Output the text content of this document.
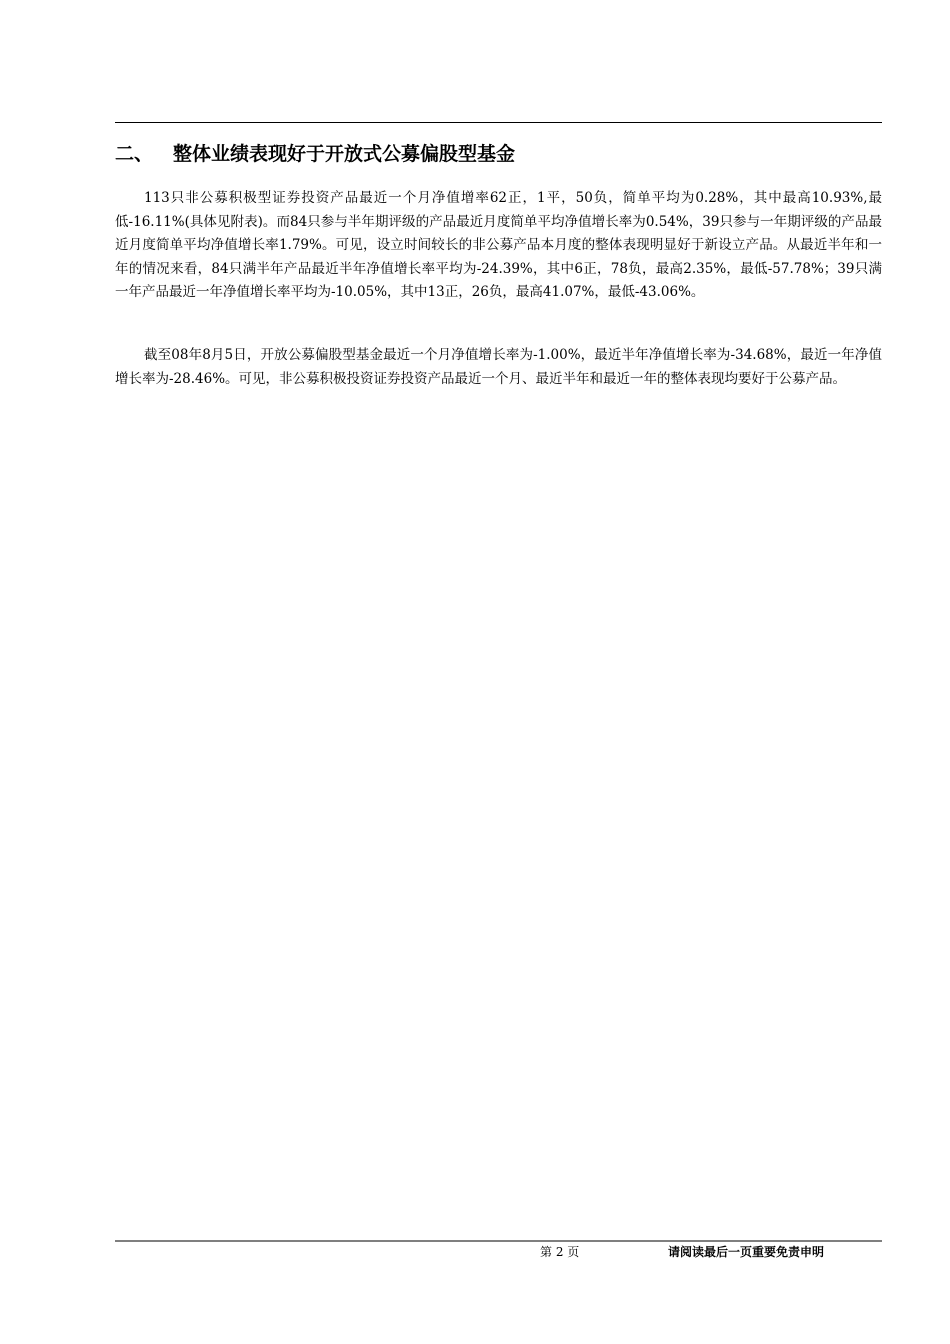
二、 整体业绩表现好于开放式公募偏股型基金

113只非公募积极型证券投资产品最近一个月净值增率62正，1平，50负，简单平均为0.28%，其中最高10.93%,最低-16.11%(具体见附表)。而84只参与半年期评级的产品最近月度简单平均净值增长率为0.54%，39只参与一年期评级的产品最近月度简单平均净值增长率1.79%。可见，设立时间较长的非公募产品本月度的整体表现明显好于新设立产品。从最近半年和一年的情况来看，84只满半年产品最近半年净值增长率平均为-24.39%，其中6正，78负，最高2.35%，最低-57.78%；39只满一年产品最近一年净值增长率平均为-10.05%，其中13正，26负，最高41.07%，最低-43.06%。

截至08年8月5日，开放公募偏股型基金最近一个月净值增长率为-1.00%，最近半年净值增长率为-34.68%，最近一年净值增长率为-28.46%。可见，非公募积极投资证券投资产品最近一个月、最近半年和最近一年的整体表现均要好于公募产品。

第 2 页	请阅读最后一页重要免责申明
